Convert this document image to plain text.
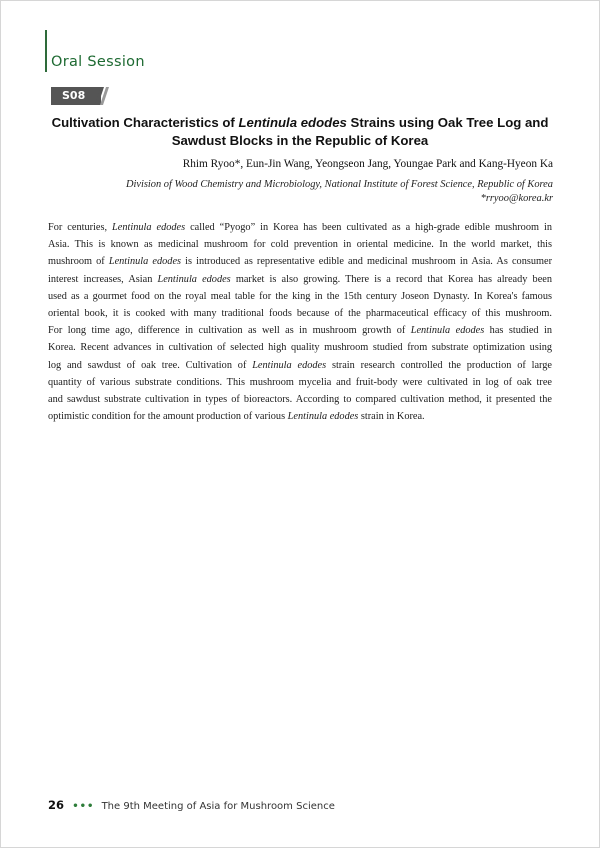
Oral Session
S08
Cultivation Characteristics of Lentinula edodes Strains using Oak Tree Log and
Sawdust Blocks in the Republic of Korea
Rhim Ryoo*, Eun-Jin Wang, Yeongseon Jang, Youngae Park and Kang-Hyeon Ka
Division of Wood Chemistry and Microbiology, National Institute of Forest Science, Republic of Korea
*rryoo@korea.kr
For centuries, Lentinula edodes called “Pyogo” in Korea has been cultivated as a high-grade edible mushroom in
Asia. This is known as medicinal mushroom for cold prevention in oriental medicine. In the world market, this
mushroom of Lentinula edodes is introduced as representative edible and medicinal mushroom in Asia. As consumer
interest increases, Asian Lentinula edodes market is also growing. There is a record that Korea has already been
used as a gourmet food on the royal meal table for the king in the 15th century Joseon Dynasty. In Korea's famous
oriental book, it is cooked with many traditional foods because of the pharmaceutical efficacy of this mushroom.
For long time ago, difference in cultivation as well as in mushroom growth of Lentinula edodes has studied in
Korea. Recent advances in cultivation of selected high quality mushroom studied from substrate optimization using
log and sawdust of oak tree. Cultivation of Lentinula edodes strain research controlled the production of large
quantity of various substrate conditions. This mushroom mycelia and fruit-body were cultivated in log of oak tree
and sawdust substrate cultivation in types of bioreactors. According to compared cultivation method, it presented the
optimistic condition for the amount production of various Lentinula edodes strain in Korea.
26 ••• The 9th Meeting of Asia for Mushroom Science
